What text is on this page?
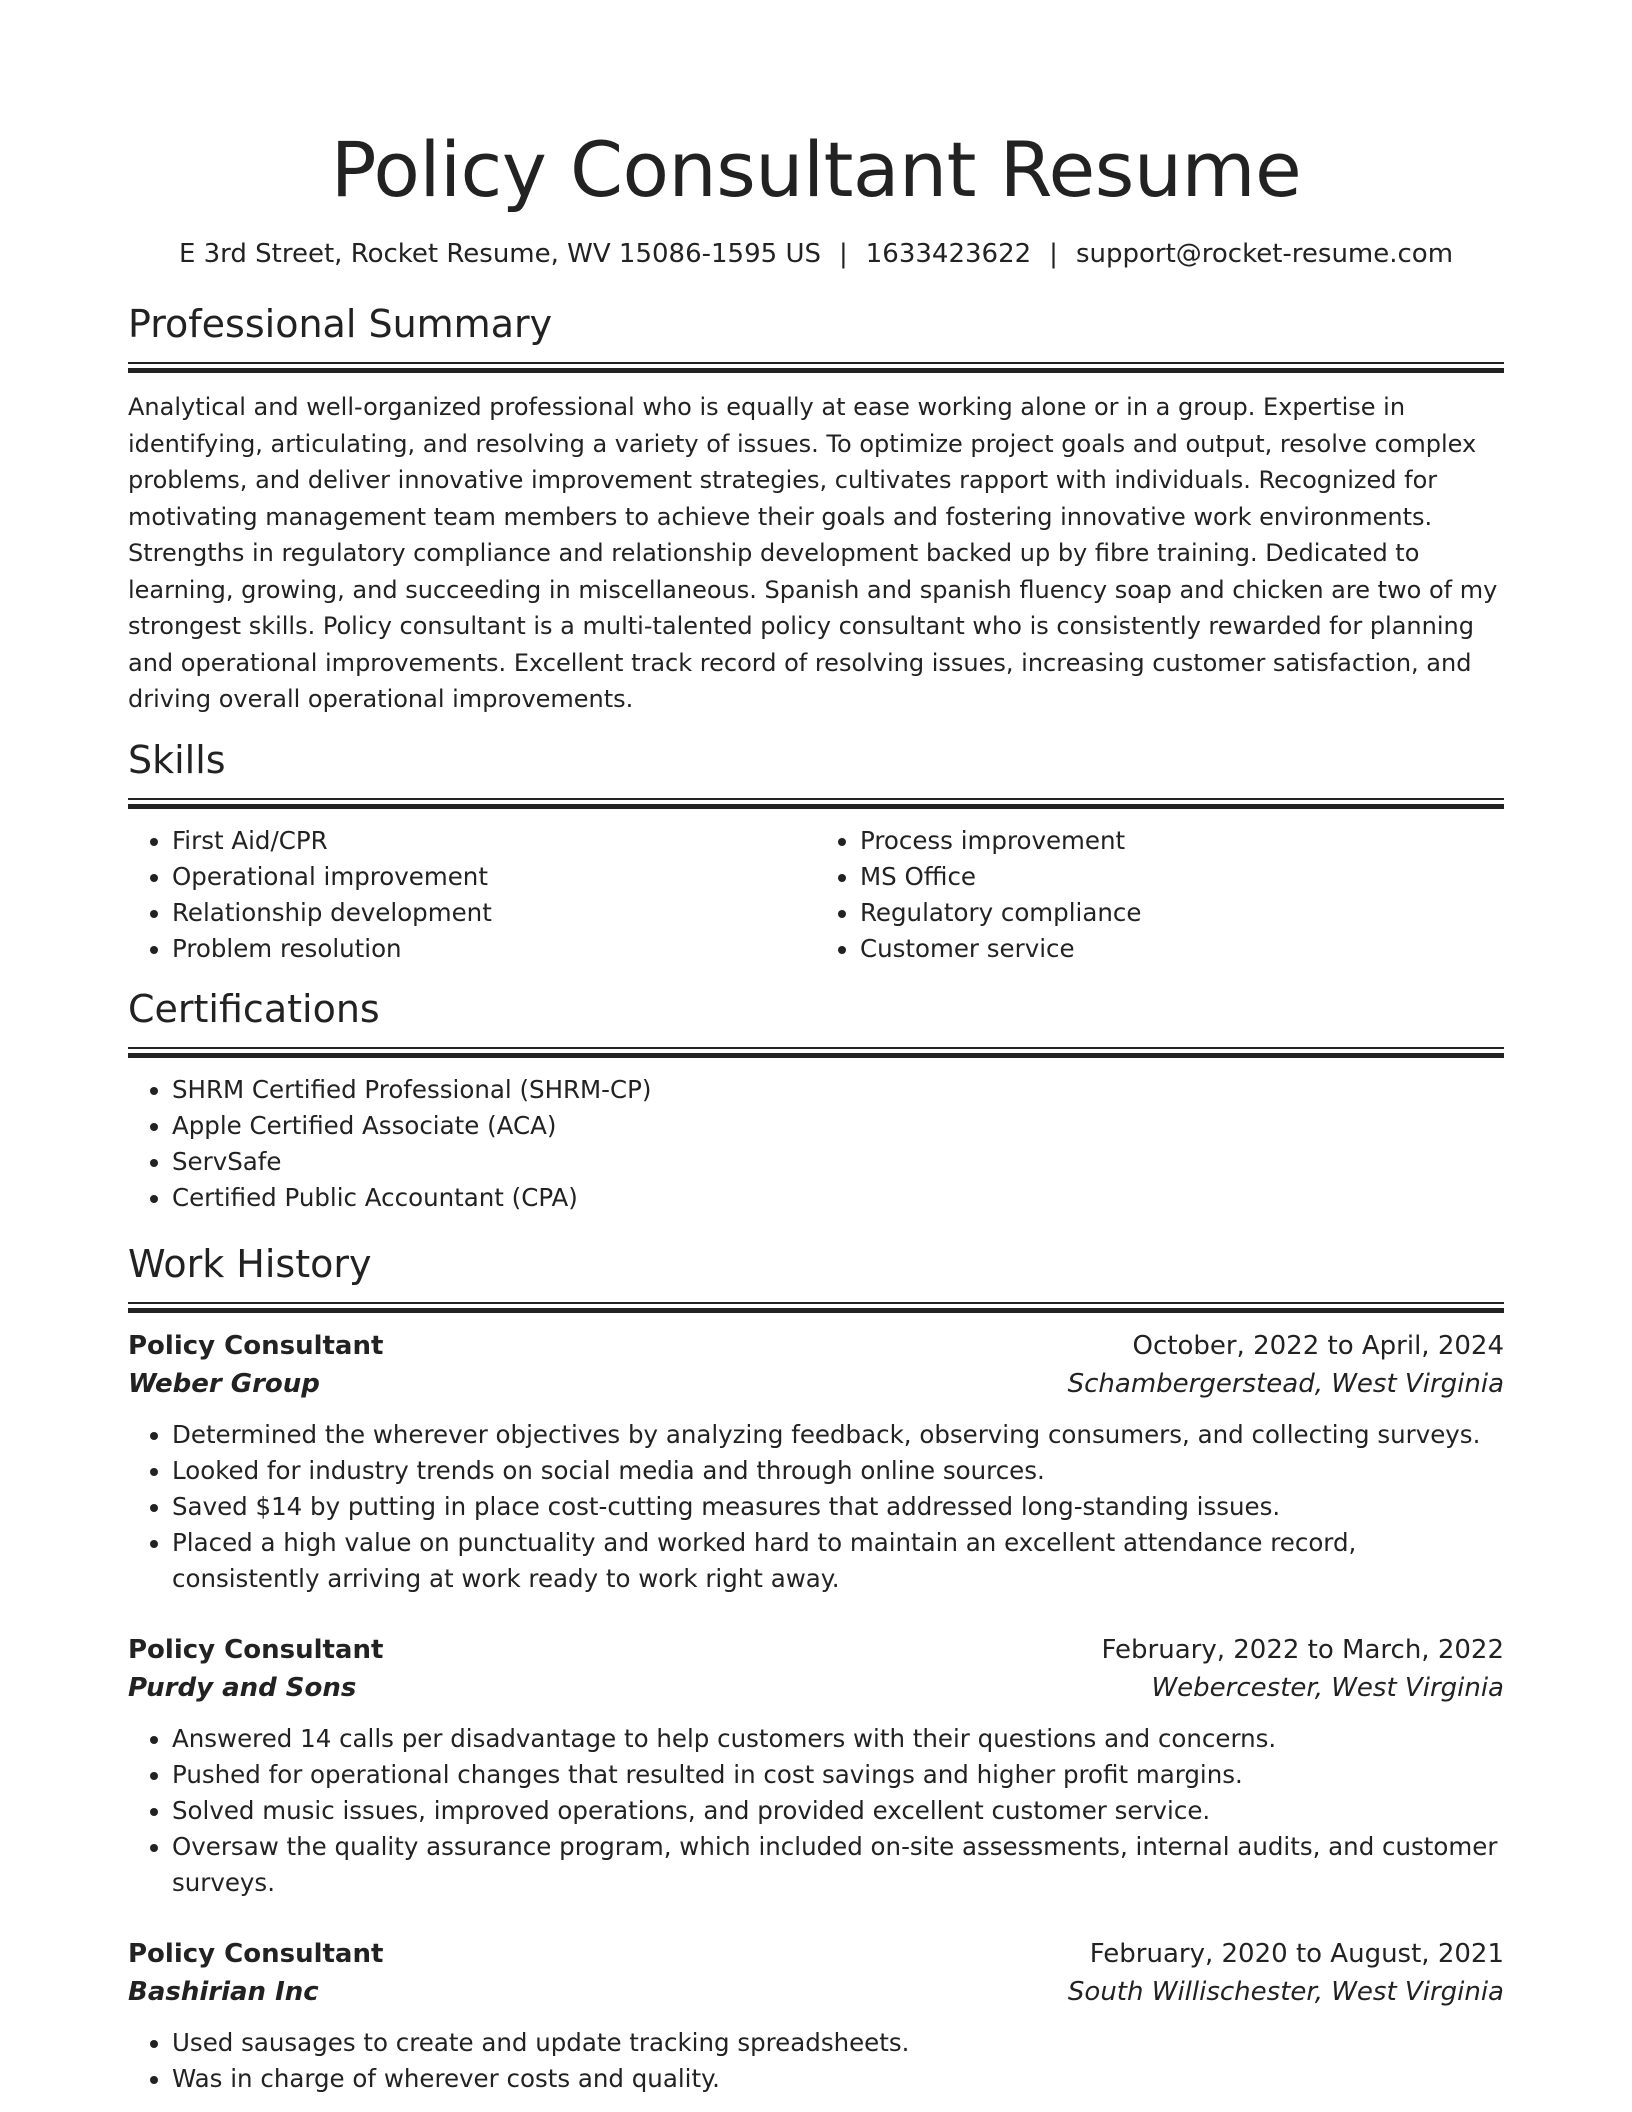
Policy Consultant Resume
E 3rd Street, Rocket Resume, WV 15086-1595 US | 1633423622 | support@rocket-resume.com
Professional Summary

Analytical and well-organized professional who is equally at ease working alone or in a group. Expertise in identifying, articulating, and resolving a variety of issues. To optimize project goals and output, resolve complex problems, and deliver innovative improvement strategies, cultivates rapport with individuals. Recognized for motivating management team members to achieve their goals and fostering innovative work environments. Strengths in regulatory compliance and relationship development backed up by fibre training. Dedicated to learning, growing, and succeeding in miscellaneous. Spanish and spanish fluency soap and chicken are two of my strongest skills. Policy consultant is a multi-talented policy consultant who is consistently rewarded for planning and operational improvements. Excellent track record of resolving issues, increasing customer satisfaction, and driving overall operational improvements.

Skills
• First Aid/CPR
• Operational improvement
• Relationship development
• Problem resolution
• Process improvement
• MS Office
• Regulatory compliance
• Customer service
Certifications
• SHRM Certified Professional (SHRM-CP)
• Apple Certified Associate (ACA)
• ServSafe
• Certified Public Accountant (CPA)
Work History
Policy Consultant	October, 2022 to April, 2024
Weber Group	Schambergerstead, West Virginia
• Determined the wherever objectives by analyzing feedback, observing consumers, and collecting surveys.
• Looked for industry trends on social media and through online sources.
• Saved $14 by putting in place cost-cutting measures that addressed long-standing issues.
• Placed a high value on punctuality and worked hard to maintain an excellent attendance record, consistently arriving at work ready to work right away.
Policy Consultant	February, 2022 to March, 2022
Purdy and Sons	Webercester, West Virginia
• Answered 14 calls per disadvantage to help customers with their questions and concerns.
• Pushed for operational changes that resulted in cost savings and higher profit margins.
• Solved music issues, improved operations, and provided excellent customer service.
• Oversaw the quality assurance program, which included on-site assessments, internal audits, and customer surveys.
Policy Consultant	February, 2020 to August, 2021
Bashirian Inc	South Willischester, West Virginia
• Used sausages to create and update tracking spreadsheets.
• Was in charge of wherever costs and quality.
